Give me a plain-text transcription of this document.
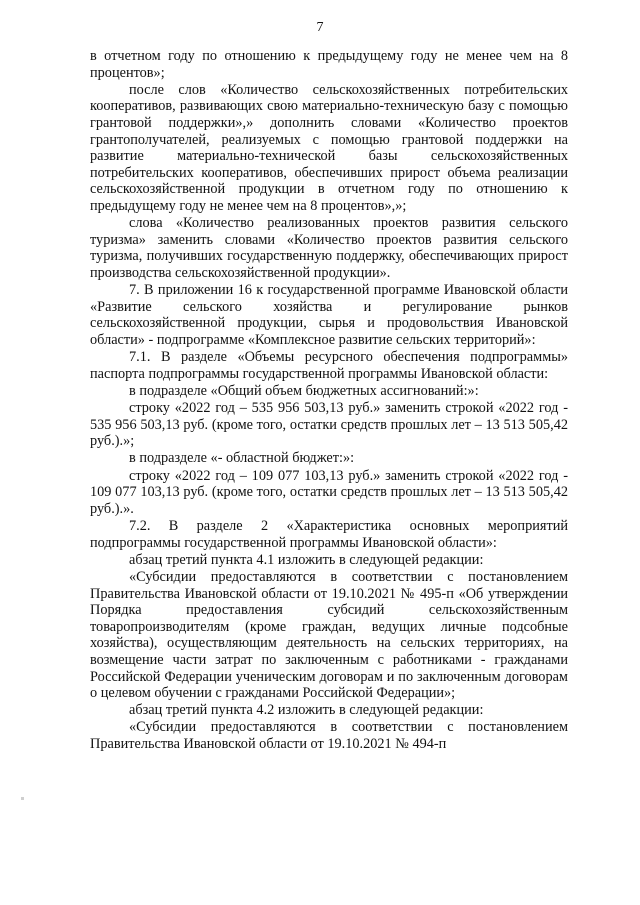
7

в отчетном году по отношению к предыдущему году не менее чем на 8 процентов»;

после слов «Количество сельскохозяйственных потребительских кооперативов, развивающих свою материально-техническую базу с помощью грантовой поддержки»,» дополнить словами «Количество проектов грантополучателей, реализуемых с помощью грантовой поддержки на развитие материально-технической базы сельскохозяйственных потребительских кооперативов, обеспечивших прирост объема реализации сельскохозяйственной продукции в отчетном году по отношению к предыдущему году не менее чем на 8 процентов»,»;

слова «Количество реализованных проектов развития сельского туризма» заменить словами «Количество проектов развития сельского туризма, получивших государственную поддержку, обеспечивающих прирост производства сельскохозяйственной продукции».

7. В приложении 16 к государственной программе Ивановской области «Развитие сельского хозяйства и регулирование рынков сельскохозяйственной продукции, сырья и продовольствия Ивановской области» - подпрограмме «Комплексное развитие сельских территорий»:

7.1. В разделе «Объемы ресурсного обеспечения подпрограммы» паспорта подпрограммы государственной программы Ивановской области:

в подразделе «Общий объем бюджетных ассигнований:»:

строку «2022 год – 535 956 503,13 руб.» заменить строкой «2022 год - 535 956 503,13 руб. (кроме того, остатки средств прошлых лет – 13 513 505,42 руб.).»;

в подразделе «- областной бюджет:»:

строку «2022 год – 109 077 103,13 руб.» заменить строкой «2022 год - 109 077 103,13 руб. (кроме того, остатки средств прошлых лет – 13 513 505,42 руб.).».

7.2. В разделе 2 «Характеристика основных мероприятий подпрограммы государственной программы Ивановской области»:

абзац третий пункта 4.1 изложить в следующей редакции:

«Субсидии предоставляются в соответствии с постановлением Правительства Ивановской области от 19.10.2021 № 495-п «Об утверждении Порядка предоставления субсидий сельскохозяйственным товаропроизводителям (кроме граждан, ведущих личные подсобные хозяйства), осуществляющим деятельность на сельских территориях, на возмещение части затрат по заключенным с работниками - гражданами Российской Федерации ученическим договорам и по заключенным договорам о целевом обучении с гражданами Российской Федерации»;

абзац третий пункта 4.2 изложить в следующей редакции:

«Субсидии предоставляются в соответствии с постановлением Правительства Ивановской области от 19.10.2021 № 494-п
